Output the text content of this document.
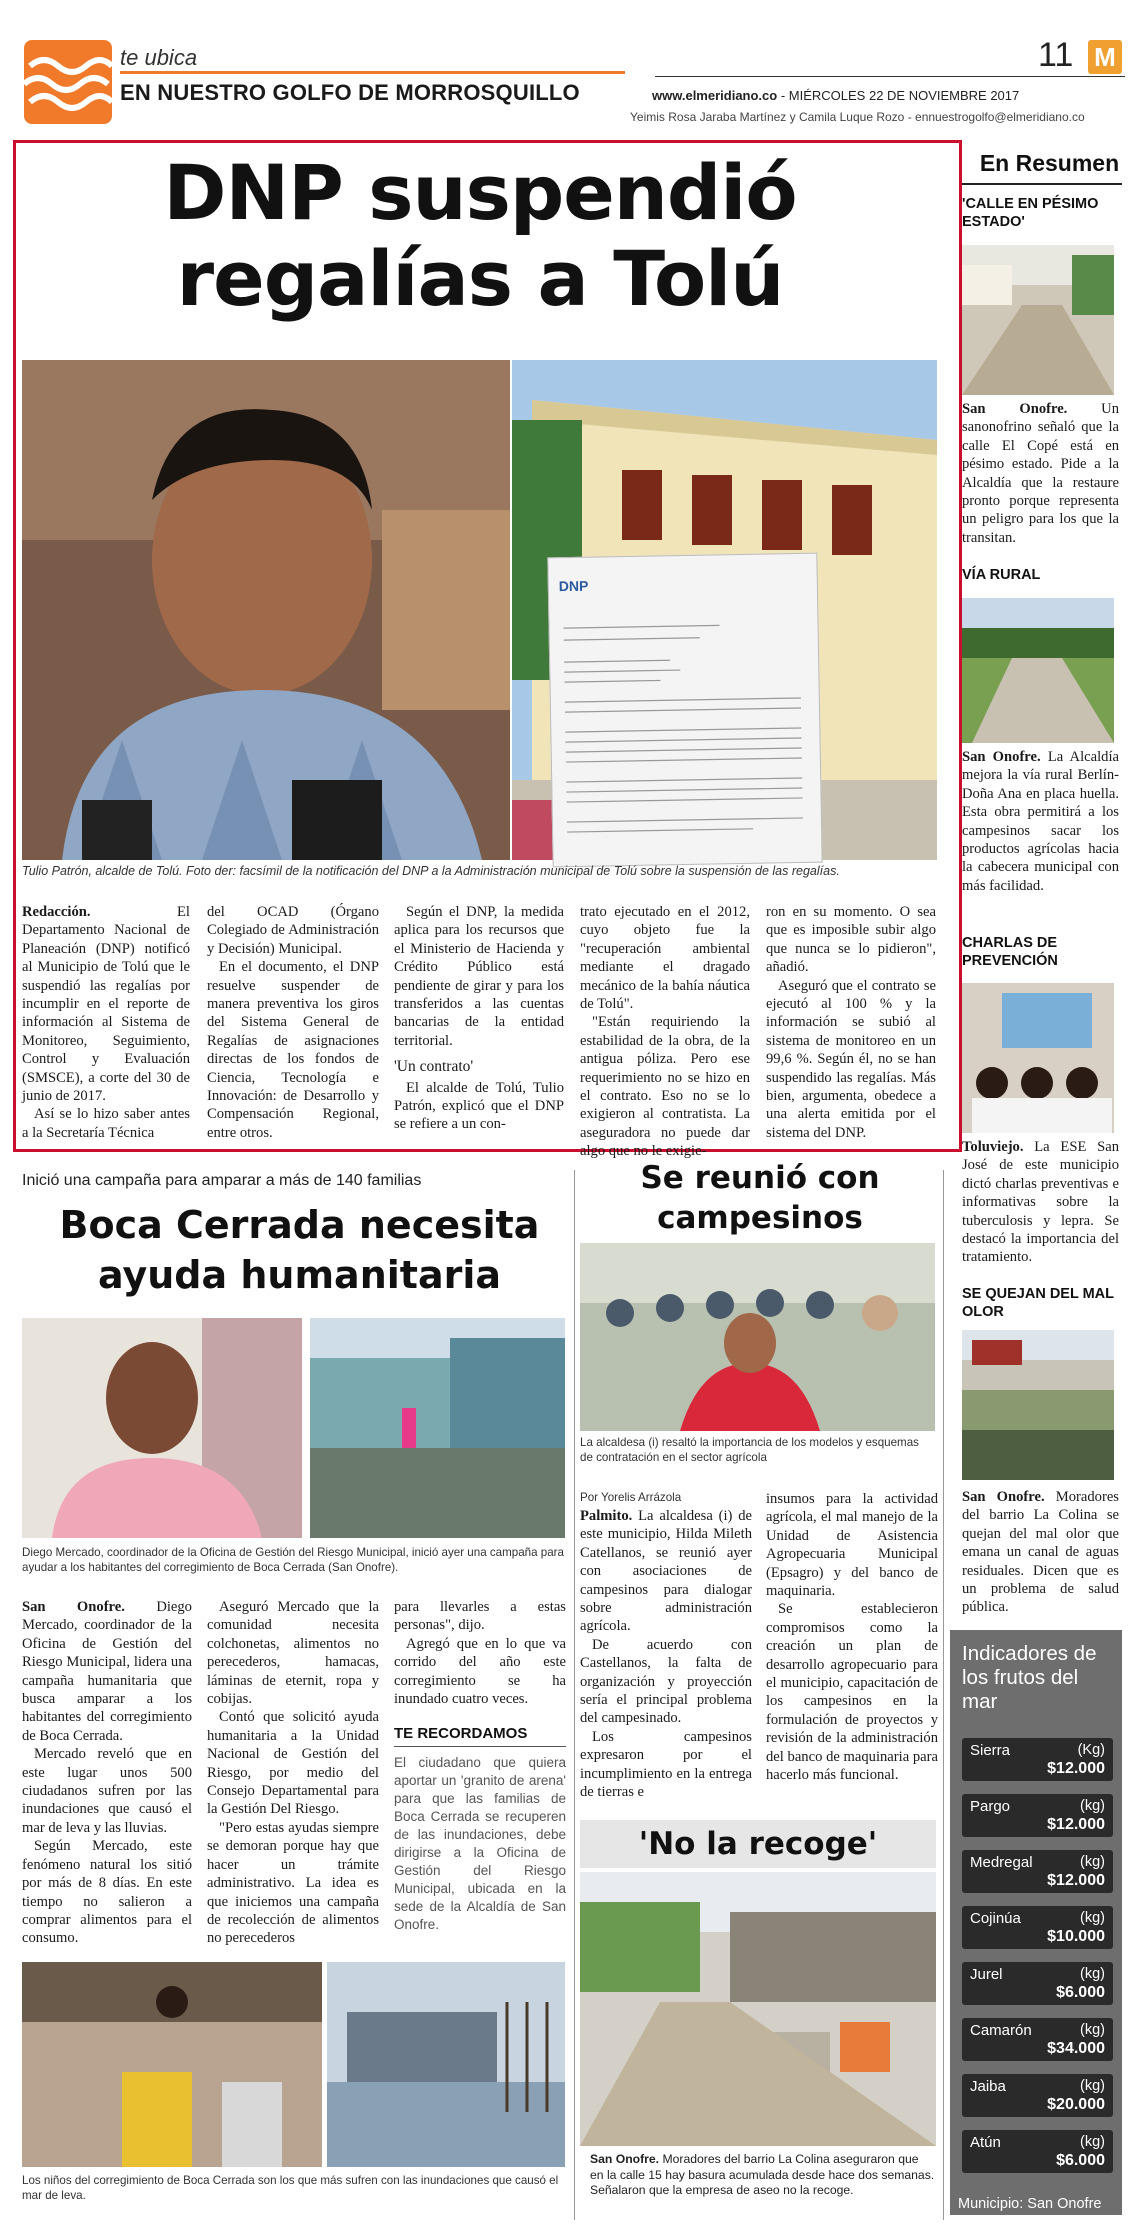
te ubica
EN NUESTRO GOLFO DE MORROSQUILLO
11 M
www.elmeridiano.co - MIÉRCOLES 22 DE NOVIEMBRE 2017
Yeimis Rosa Jaraba Martínez y Camila Luque Rozo - ennuestrogolfo@elmeridiano.co
DNP suspendió regalías a Tolú
DNP
Tulio Patrón, alcalde de Tolú. Foto der: facsímil de la notificación del DNP a la Administración municipal de Tolú sobre la suspensión de las regalías.

Redacción.	El Departamento Nacional de Planeación (DNP) notificó al Municipio de Tolú que le suspendió las regalías por incumplir en el reporte de información al Sistema de Monitoreo, Seguimiento, Control y Evaluación (SMSCE), a corte del 30 de junio de 2017.

Así se lo hizo saber antes a la Secretaría Técnica

del OCAD (Órgano Colegiado de Administración y Decisión) Municipal.

En el documento, el DNP resuelve suspender de manera preventiva los giros del Sistema General de Regalías de asignaciones directas de los fondos de Ciencia, Tecnología e Innovación: de Desarrollo y Compensación Regional, entre otros.

Según el DNP, la medida aplica para los recursos que el Ministerio de Hacienda y Crédito Público está pendiente de girar y para los transferidos a las cuentas bancarias de la entidad territorial.

'Un contrato'

El alcalde de Tolú, Tulio Patrón, explicó que el DNP se refiere a un con-

trato ejecutado en el 2012, cuyo objeto fue la "recuperación ambiental mediante el dragado mecánico de la bahía náutica de Tolú".

"Están requiriendo la estabilidad de la obra, de la antigua póliza. Pero ese requerimiento no se hizo en el contrato. Eso no se lo exigieron al contratista. La aseguradora no puede dar algo que no le exigie-

ron en su momento. O sea que es imposible subir algo que nunca se lo pidieron", añadió.

Aseguró que el contrato se ejecutó al 100 % y la información se subió al sistema de monitoreo en un 99,6 %. Según él, no se han suspendido las regalías. Más bien, argumenta, obedece a una alerta emitida por el sistema del DNP.

En Resumen
'CALLE EN PÉSIMO ESTADO'
San Onofre. Un sanonofrino señaló que la calle El Copé está en pésimo estado. Pide a la Alcaldía que la restaure pronto porque representa un peligro para los que la transitan.
VÍA RURAL
San Onofre. La Alcaldía mejora la vía rural Berlín-Doña Ana en placa huella. Esta obra permitirá a los campesinos sacar los productos agrícolas hacia la cabecera municipal con más facilidad.
CHARLAS DE PREVENCIÓN
Toluviejo. La ESE San José de este municipio dictó charlas preventivas e informativas sobre la tuberculosis y lepra. Se destacó la importancia del tratamiento.
SE QUEJAN DEL MAL OLOR
San Onofre. Moradores del barrio La Colina se quejan del mal olor que emana un canal de aguas residuales. Dicen que es un problema de salud pública.
Inició una campaña para amparar a más de 140 familias
Boca Cerrada necesita
ayuda humanitaria
Diego Mercado, coordinador de la Oficina de Gestión del Riesgo Municipal, inició ayer una campaña para ayudar a los habitantes del corregimiento de Boca Cerrada (San Onofre).

San Onofre. Diego Mercado, coordinador de la Oficina de Gestión del Riesgo Municipal, lidera una campaña humanitaria que busca amparar a los habitantes del corregimiento de Boca Cerrada.

Mercado reveló que en este lugar unos 500 ciudadanos sufren por las inundaciones que causó el mar de leva y las lluvias.

Según Mercado, este fenómeno natural los sitió por más de 8 días. En este tiempo no salieron a comprar alimentos para el consumo.

Aseguró Mercado que la comunidad necesita colchonetas, alimentos no perecederos, hamacas, láminas de eternit, ropa y cobijas.

Contó que solicitó ayuda humanitaria a la Unidad Nacional de Gestión del Riesgo, por medio del Consejo Departamental para la Gestión Del Riesgo.

"Pero estas ayudas siempre se demoran porque hay que hacer un trámite administrativo. La idea es que iniciemos una campaña de recolección de alimentos no perecederos

para llevarles a estas personas", dijo.

Agregó que en lo que va corrido del año este corregimiento se ha inundado cuatro veces.

TE RECORDAMOS
El ciudadano que quiera aportar un 'granito de arena' para que las familias de Boca Cerrada se recuperen de las inundaciones, debe dirigirse a la Oficina de Gestión del Riesgo Municipal, ubicada en la sede de la Alcaldía de San Onofre.
Los niños del corregimiento de Boca Cerrada son los que más sufren con las inundaciones que causó el mar de leva.
Se reunió con
campesinos
La alcaldesa (i) resaltó la importancia de los modelos y esquemas de contratación en el sector agrícola
Por Yorelis Arrázola

Palmito. La alcaldesa (i) de este municipio, Hilda Mileth Catellanos, se reunió ayer con asociaciones de campesinos para dialogar sobre administración agrícola.

De acuerdo con Castellanos, la falta de organización y proyección sería el principal problema del campesinado.

Los campesinos expresaron por el incumplimiento en la entrega de tierras e

insumos para la actividad agrícola, el mal manejo de la Unidad de Asistencia Agropecuaria Municipal (Epsagro) y del banco de maquinaria.

Se establecieron compromisos como la creación un plan de desarrollo agropecuario para el municipio, capacitación de los campesinos en la formulación de proyectos y revisión de la administración del banco de maquinaria para hacerlo más funcional.

'No la recoge'
San Onofre. Moradores del barrio La Colina aseguraron que en la calle 15 hay basura acumulada desde hace dos semanas. Señalaron que la empresa de aseo no la recoge.
Indicadores de los frutos del mar
Sierra	(Kg)
$12.000
Pargo	(kg)
$12.000
Medregal	(kg)
$12.000
Cojinúa	(kg)
$10.000
Jurel	(kg)
$6.000
Camarón	(kg)
$34.000
Jaiba	(kg)
$20.000
Atún	(kg)
$6.000
Municipio: San Onofre
